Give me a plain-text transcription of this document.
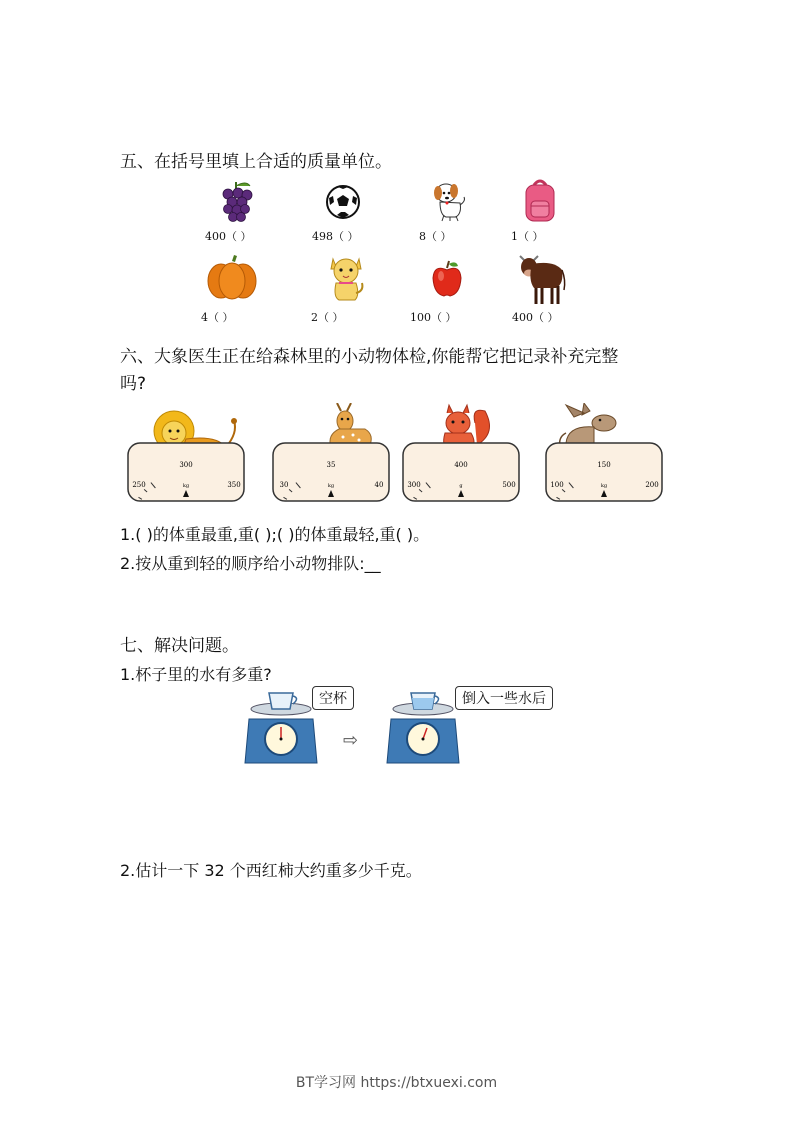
五、在括号里填上合适的质量单位。
400（ ）	498（ ）	8（ ）	1（ ）
4（ ）	2（ ）	100（ ）	400（ ）
六、大象医生正在给森林里的小动物体检,你能帮它把记录补充完整
吗?
250
300
350
kg	30
35
40
kg	300
400
500
g	100
150
200
kg
1.( )的体重最重,重( );( )的体重最轻,重( )。
2.按从重到轻的顺序给小动物排队:__
七、解决问题。
1.杯子里的水有多重?
空杯
⇨
倒入一些水后
2.估计一下 32 个西红柿大约重多少千克。
BT学习网 https://btxuexi.com
